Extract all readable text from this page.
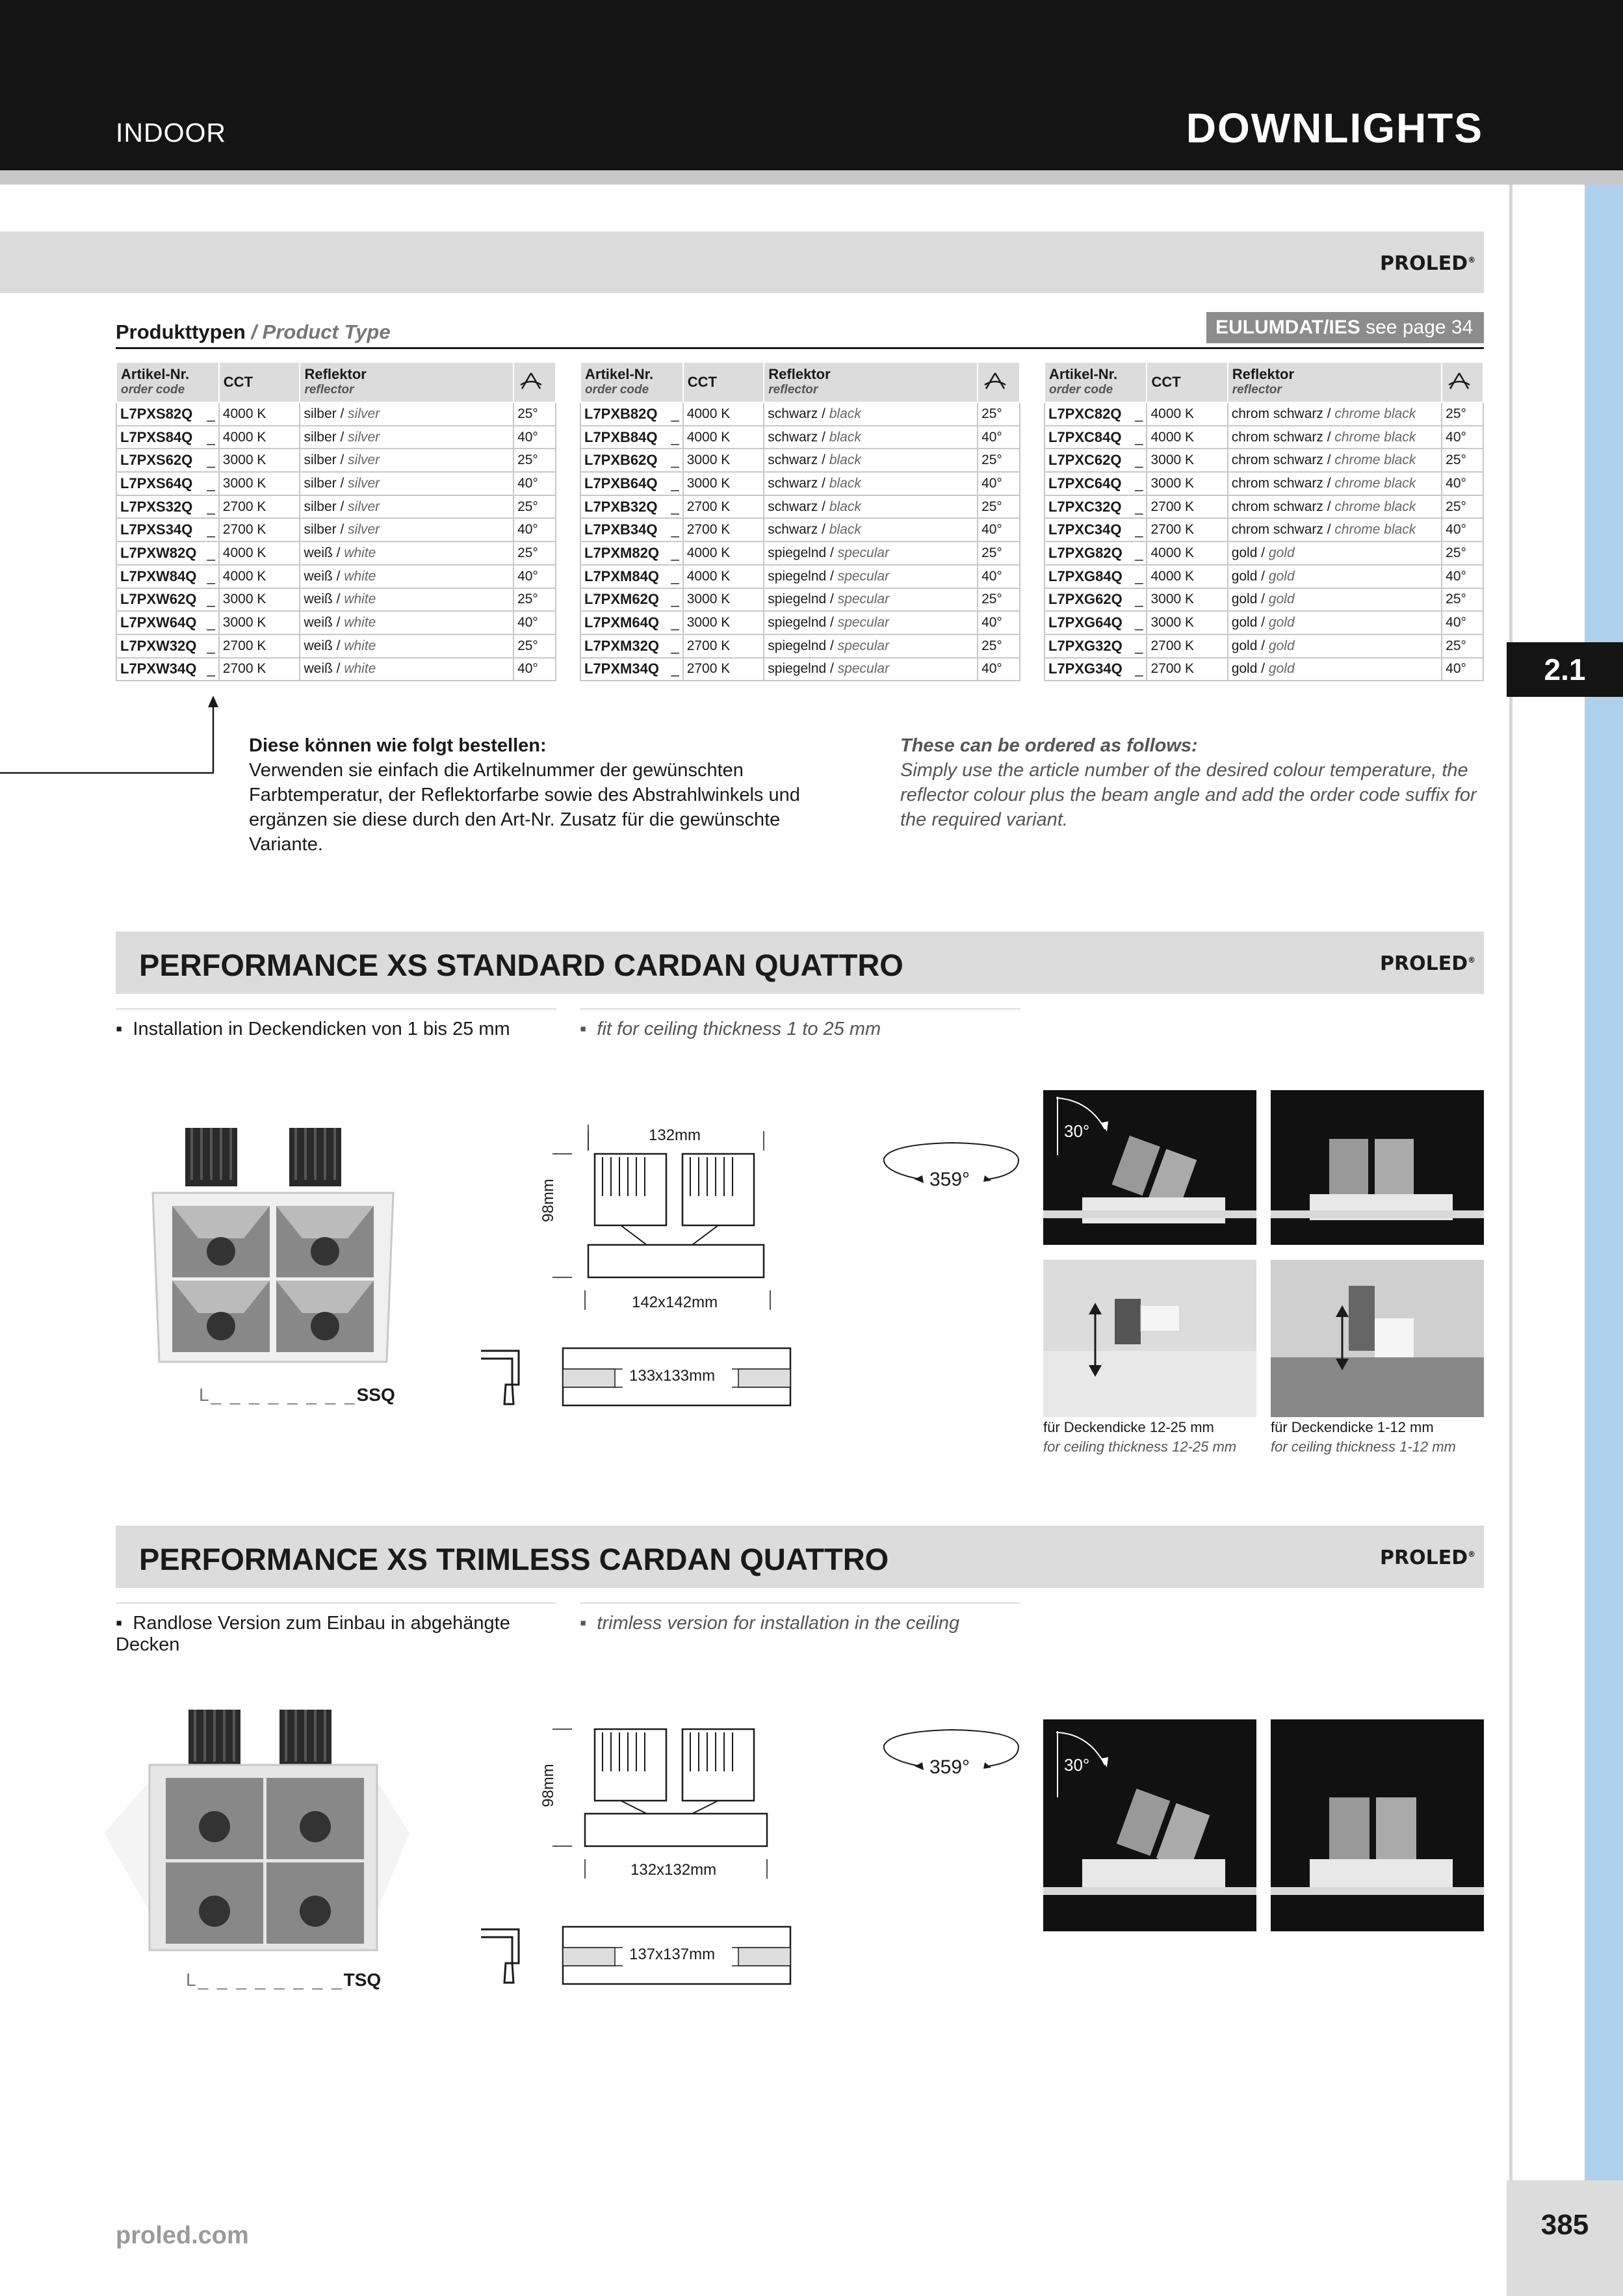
INDOOR	DOWNLIGHTS
2.1
385
PROLED®
Produkttypen / Product Type	EULUMDAT/IES see page 34
Artikel-Nr.
order code	CCT	Reflektor
reflector

L7PXS82Q _	4000 K	silber / silver	25°
L7PXS84Q _	4000 K	silber / silver	40°
L7PXS62Q _	3000 K	silber / silver	25°
L7PXS64Q _	3000 K	silber / silver	40°
L7PXS32Q _	2700 K	silber / silver	25°
L7PXS34Q _	2700 K	silber / silver	40°
L7PXW82Q _	4000 K	weiß / white	25°
L7PXW84Q _	4000 K	weiß / white	40°
L7PXW62Q _	3000 K	weiß / white	25°
L7PXW64Q _	3000 K	weiß / white	40°
L7PXW32Q _	2700 K	weiß / white	25°
L7PXW34Q _	2700 K	weiß / white	40°
Artikel-Nr.
order code	CCT	Reflektor
reflector

L7PXB82Q _	4000 K	schwarz / black	25°
L7PXB84Q _	4000 K	schwarz / black	40°
L7PXB62Q _	3000 K	schwarz / black	25°
L7PXB64Q _	3000 K	schwarz / black	40°
L7PXB32Q _	2700 K	schwarz / black	25°
L7PXB34Q _	2700 K	schwarz / black	40°
L7PXM82Q _	4000 K	spiegelnd / specular	25°
L7PXM84Q _	4000 K	spiegelnd / specular	40°
L7PXM62Q _	3000 K	spiegelnd / specular	25°
L7PXM64Q _	3000 K	spiegelnd / specular	40°
L7PXM32Q _	2700 K	spiegelnd / specular	25°
L7PXM34Q _	2700 K	spiegelnd / specular	40°
Artikel-Nr.
order code	CCT	Reflektor
reflector

L7PXC82Q _	4000 K	chrom schwarz / chrome black	25°
L7PXC84Q _	4000 K	chrom schwarz / chrome black	40°
L7PXC62Q _	3000 K	chrom schwarz / chrome black	25°
L7PXC64Q _	3000 K	chrom schwarz / chrome black	40°
L7PXC32Q _	2700 K	chrom schwarz / chrome black	25°
L7PXC34Q _	2700 K	chrom schwarz / chrome black	40°
L7PXG82Q _	4000 K	gold / gold	25°
L7PXG84Q _	4000 K	gold / gold	40°
L7PXG62Q _	3000 K	gold / gold	25°
L7PXG64Q _	3000 K	gold / gold	40°
L7PXG32Q _	2700 K	gold / gold	25°
L7PXG34Q _	2700 K	gold / gold	40°
Diese können wie folgt bestellen:
Verwenden sie einfach die Artikelnummer der gewünschten Farbtemperatur, der Reflektorfarbe sowie des Abstrahlwinkels und ergänzen sie diese durch den Art-Nr. Zusatz für die gewünschte Variante.
These can be ordered as follows:
Simply use the article number of the desired colour temperature, the reflector colour plus the beam angle and add the order code suffix for the required variant.
PERFORMANCE XS STANDARD CARDAN QUATTRO	PROLED®
▪  Installation in Deckendicken von 1 bis 25 mm	▪  fit for ceiling thickness 1 to 25 mm
L_ _ _ _ _ _ _ _SSQ
132mm
98mm
142x142mm
133x133mm
359°
30°
für Deckendicke 12-25 mm
for ceiling thickness 12-25 mm
für Deckendicke 1-12 mm
for ceiling thickness 1-12 mm
PERFORMANCE XS TRIMLESS CARDAN QUATTRO	PROLED®
▪  Randlose Version zum Einbau in abgehängte Decken
▪  trimless version for installation in the ceiling
L_ _ _ _ _ _ _ _TSQ
98mm
132x132mm
137x137mm
359°	30°
proled.com
